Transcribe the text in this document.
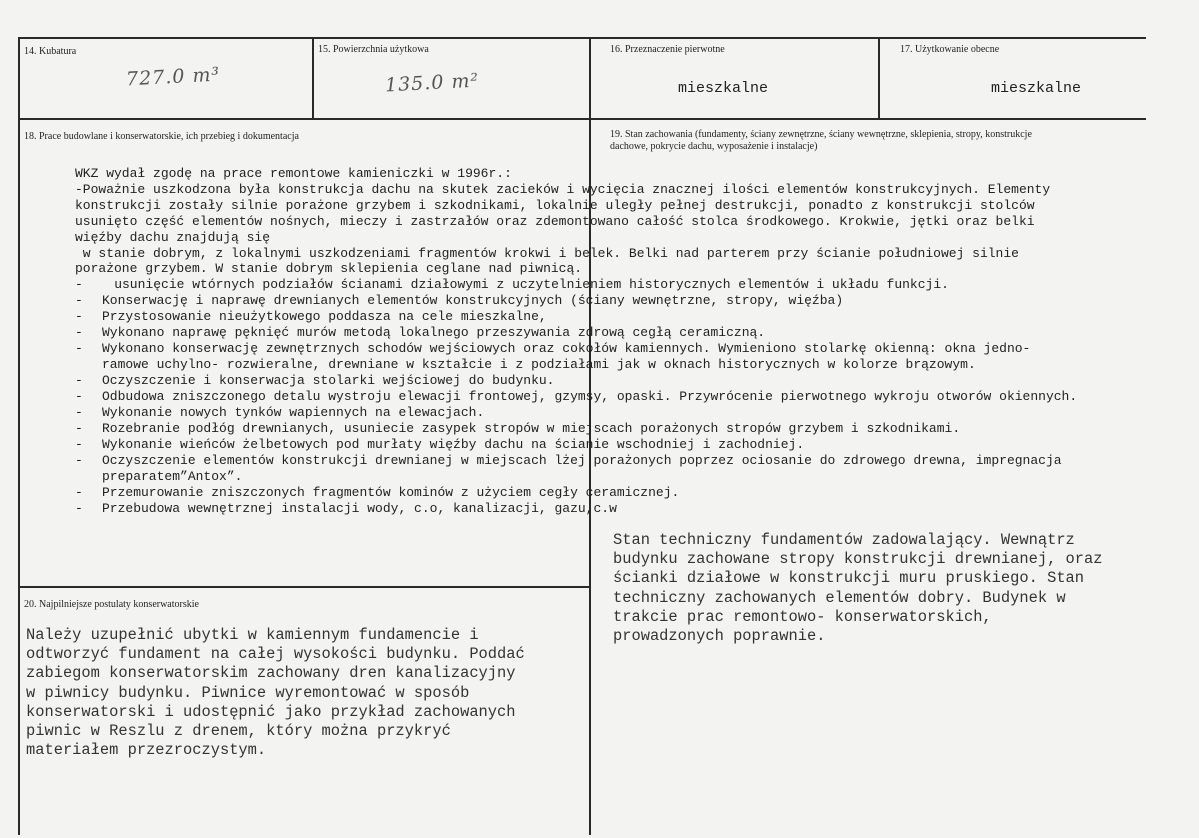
14. Kubatura	15. Powierzchnia użytkowa	16. Przeznaczenie pierwotne	17. Użytkowanie obecne
727.0 m³	135.0 m²	mieszkalne	mieszkalne
18. Prace budowlane i konserwatorskie, ich przebieg i dokumentacja	19. Stan zachowania (fundamenty, ściany zewnętrzne, ściany wewnętrzne, sklepienia, stropy, konstrukcje
dachowe, pokrycie dachu, wyposażenie i instalacje)
20. Najpilniejsze postulaty konserwatorskie
WKZ wydał zgodę na prace remontowe kamieniczki w 1996r.:
-Poważnie uszkodzona była konstrukcja dachu na skutek zacieków i wycięcia znacznej ilości elementów konstrukcyjnych. Elementy
konstrukcji zostały silnie porażone grzybem i szkodnikami, lokalnie uległy pełnej destrukcji, ponadto z konstrukcji stolców
usunięto część elementów nośnych, mieczy i zastrzałów oraz zdemontowano całość stolca środkowego. Krokwie, jętki oraz belki
więźby dachu znajdują się
w stanie dobrym, z lokalnymi uszkodzeniami fragmentów krokwi i belek. Belki nad parterem przy ścianie południowej silnie
porażone grzybem. W stanie dobrym sklepienia ceglane nad piwnicą.
- usunięcie wtórnych podziałów ścianami działowymi z uczytelnieniem historycznych elementów i układu funkcji.
- Konserwację i naprawę drewnianych elementów konstrukcyjnych (ściany wewnętrzne, stropy, więźba)
- Przystosowanie nieużytkowego poddasza na cele mieszkalne,
- Wykonano naprawę pęknięć murów metodą lokalnego przeszywania zdrową cegłą ceramiczną.
- Wykonano konserwację zewnętrznych schodów wejściowych oraz cokołów kamiennych. Wymieniono stolarkę okienną: okna jedno-
ramowe uchylno- rozwieralne, drewniane w kształcie i z podziałami jak w oknach historycznych w kolorze brązowym.
- Oczyszczenie i konserwacja stolarki wejściowej do budynku.
- Odbudowa zniszczonego detalu wystroju elewacji frontowej, gzymsy, opaski. Przywrócenie pierwotnego wykroju otworów okiennych.
- Wykonanie nowych tynków wapiennych na elewacjach.
- Rozebranie podłóg drewnianych, usuniecie zasypek stropów w miejscach porażonych stropów grzybem i szkodnikami.
- Wykonanie wieńców żelbetowych pod murłaty więźby dachu na ścianie wschodniej i zachodniej.
- Oczyszczenie elementów konstrukcji drewnianej w miejscach lżej porażonych poprzez ociosanie do zdrowego drewna, impregnacja
preparatem”Antox”.
- Przemurowanie zniszczonych fragmentów kominów z użyciem cegły ceramicznej.
- Przebudowa wewnętrznej instalacji wody, c.o, kanalizacji, gazu,c.w
Stan techniczny fundamentów zadowalający. Wewnątrz
budynku zachowane stropy konstrukcji drewnianej, oraz
ścianki działowe w konstrukcji muru pruskiego. Stan
techniczny zachowanych elementów dobry. Budynek w
trakcie prac remontowo- konserwatorskich,
prowadzonych poprawnie.
Należy uzupełnić ubytki w kamiennym fundamencie i
odtworzyć fundament na całej wysokości budynku. Poddać
zabiegom konserwatorskim zachowany dren kanalizacyjny
w piwnicy budynku. Piwnice wyremontować w sposób
konserwatorski i udostępnić jako przykład zachowanych
piwnic w Reszlu z drenem, który można przykryć
materiałem przezroczystym.
